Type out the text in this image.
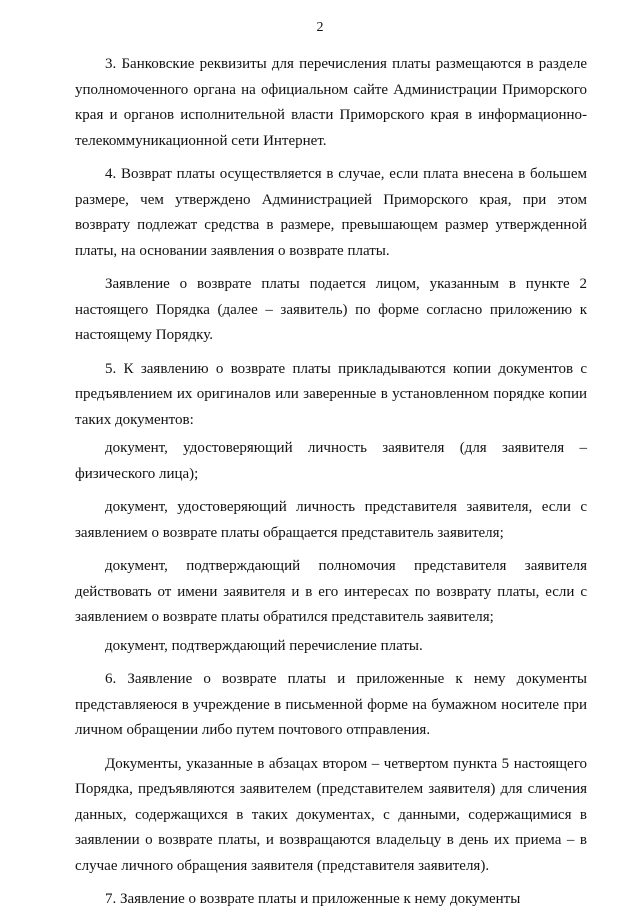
2

3. Банковские реквизиты для перечисления платы размещаются в разделе уполномоченного органа на официальном сайте Администрации Приморского края и органов исполнительной власти Приморского края в информационно-телекоммуникационной сети Интернет.

4. Возврат платы осуществляется в случае, если плата внесена в большем размере, чем утверждено Администрацией Приморского края, при этом возврату подлежат средства в размере, превышающем размер утвержденной платы, на основании заявления о возврате платы.

Заявление о возврате платы подается лицом, указанным в пункте 2 настоящего Порядка (далее – заявитель) по форме согласно приложению к настоящему Порядку.

5. К заявлению о возврате платы прикладываются копии документов с предъявлением их оригиналов или заверенные в установленном порядке копии таких документов:

документ, удостоверяющий личность заявителя (для заявителя – физического лица);

документ, удостоверяющий личность представителя заявителя, если с заявлением о возврате платы обращается представитель заявителя;

документ, подтверждающий полномочия представителя заявителя действовать от имени заявителя и в его интересах по возврату платы, если с заявлением о возврате платы обратился представитель заявителя;

документ, подтверждающий перечисление платы.

6. Заявление о возврате платы и приложенные к нему документы представляеюся в учреждение в письменной форме на бумажном носителе при личном обращении либо путем почтового отправления.

Документы, указанные в абзацах втором – четвертом пункта 5 настоящего Порядка, предъявляются заявителем (представителем заявителя) для сличения данных, содержащихся в таких документах, с данными, содержащимися в заявлении о возврате платы, и возвращаются владельцу в день их приема – в случае личного обращения заявителя (представителя заявителя).

7. Заявление о возврате платы и приложенные к нему документы
